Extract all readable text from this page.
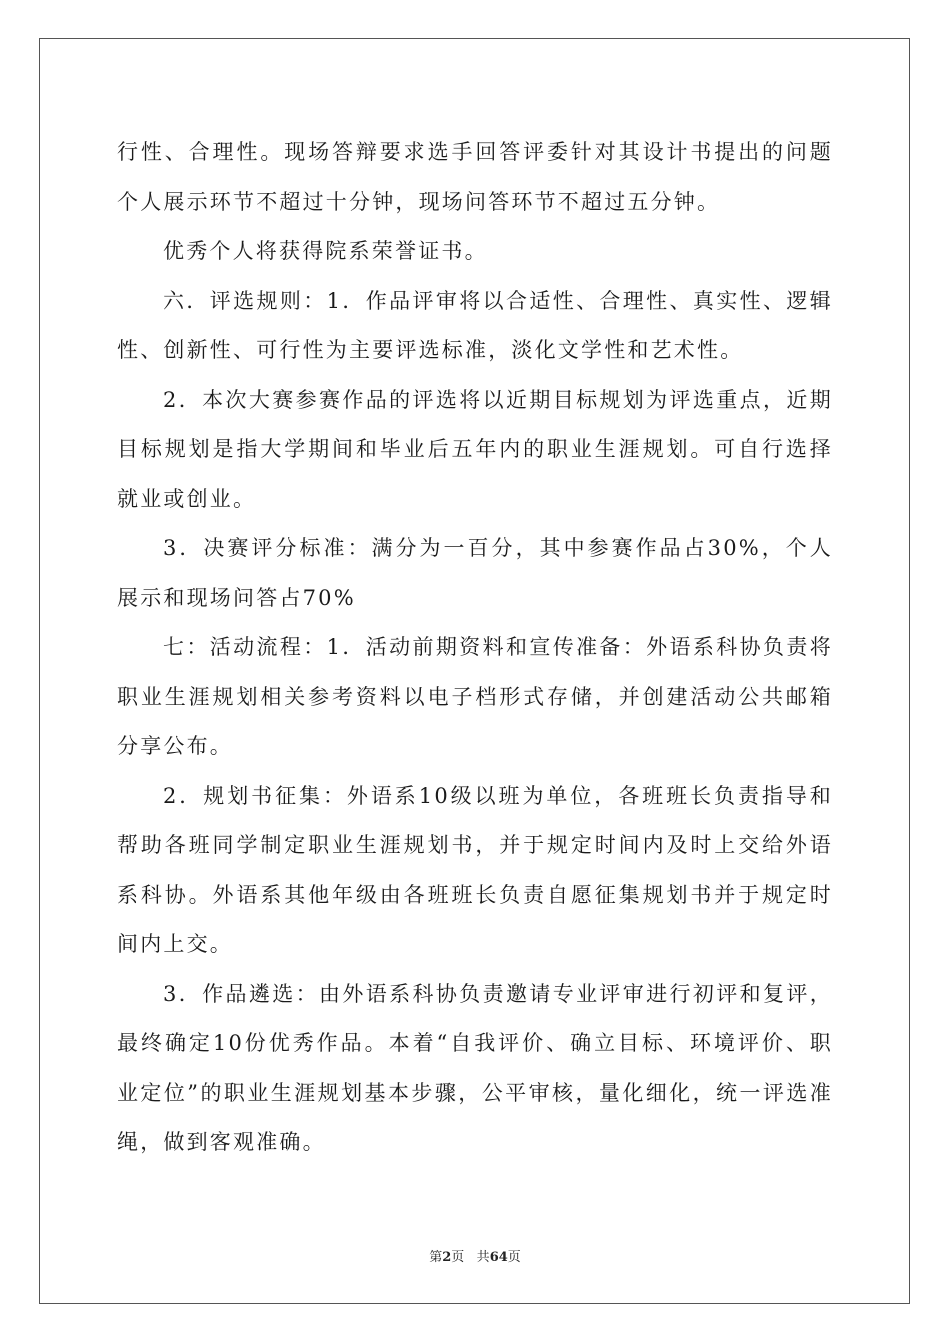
行性、合理性。现场答辩要求选手回答评委针对其设计书提出的问题个人展示环节不超过十分钟，现场问答环节不超过五分钟。

优秀个人将获得院系荣誉证书。

六．评选规则：1．作品评审将以合适性、合理性、真实性、逻辑性、创新性、可行性为主要评选标准，淡化文学性和艺术性。

2．本次大赛参赛作品的评选将以近期目标规划为评选重点，近期目标规划是指大学期间和毕业后五年内的职业生涯规划。可自行选择就业或创业。

3．决赛评分标准：满分为一百分，其中参赛作品占30%，个人展示和现场问答占70%

七：活动流程：1．活动前期资料和宣传准备：外语系科协负责将职业生涯规划相关参考资料以电子档形式存储，并创建活动公共邮箱分享公布。

2．规划书征集：外语系10级以班为单位，各班班长负责指导和帮助各班同学制定职业生涯规划书，并于规定时间内及时上交给外语系科协。外语系其他年级由各班班长负责自愿征集规划书并于规定时间内上交。

3．作品遴选：由外语系科协负责邀请专业评审进行初评和复评，最终确定10份优秀作品。本着“自我评价、确立目标、环境评价、职业定位”的职业生涯规划基本步骤，公平审核，量化细化，统一评选准绳，做到客观准确。

第2页 共64页
